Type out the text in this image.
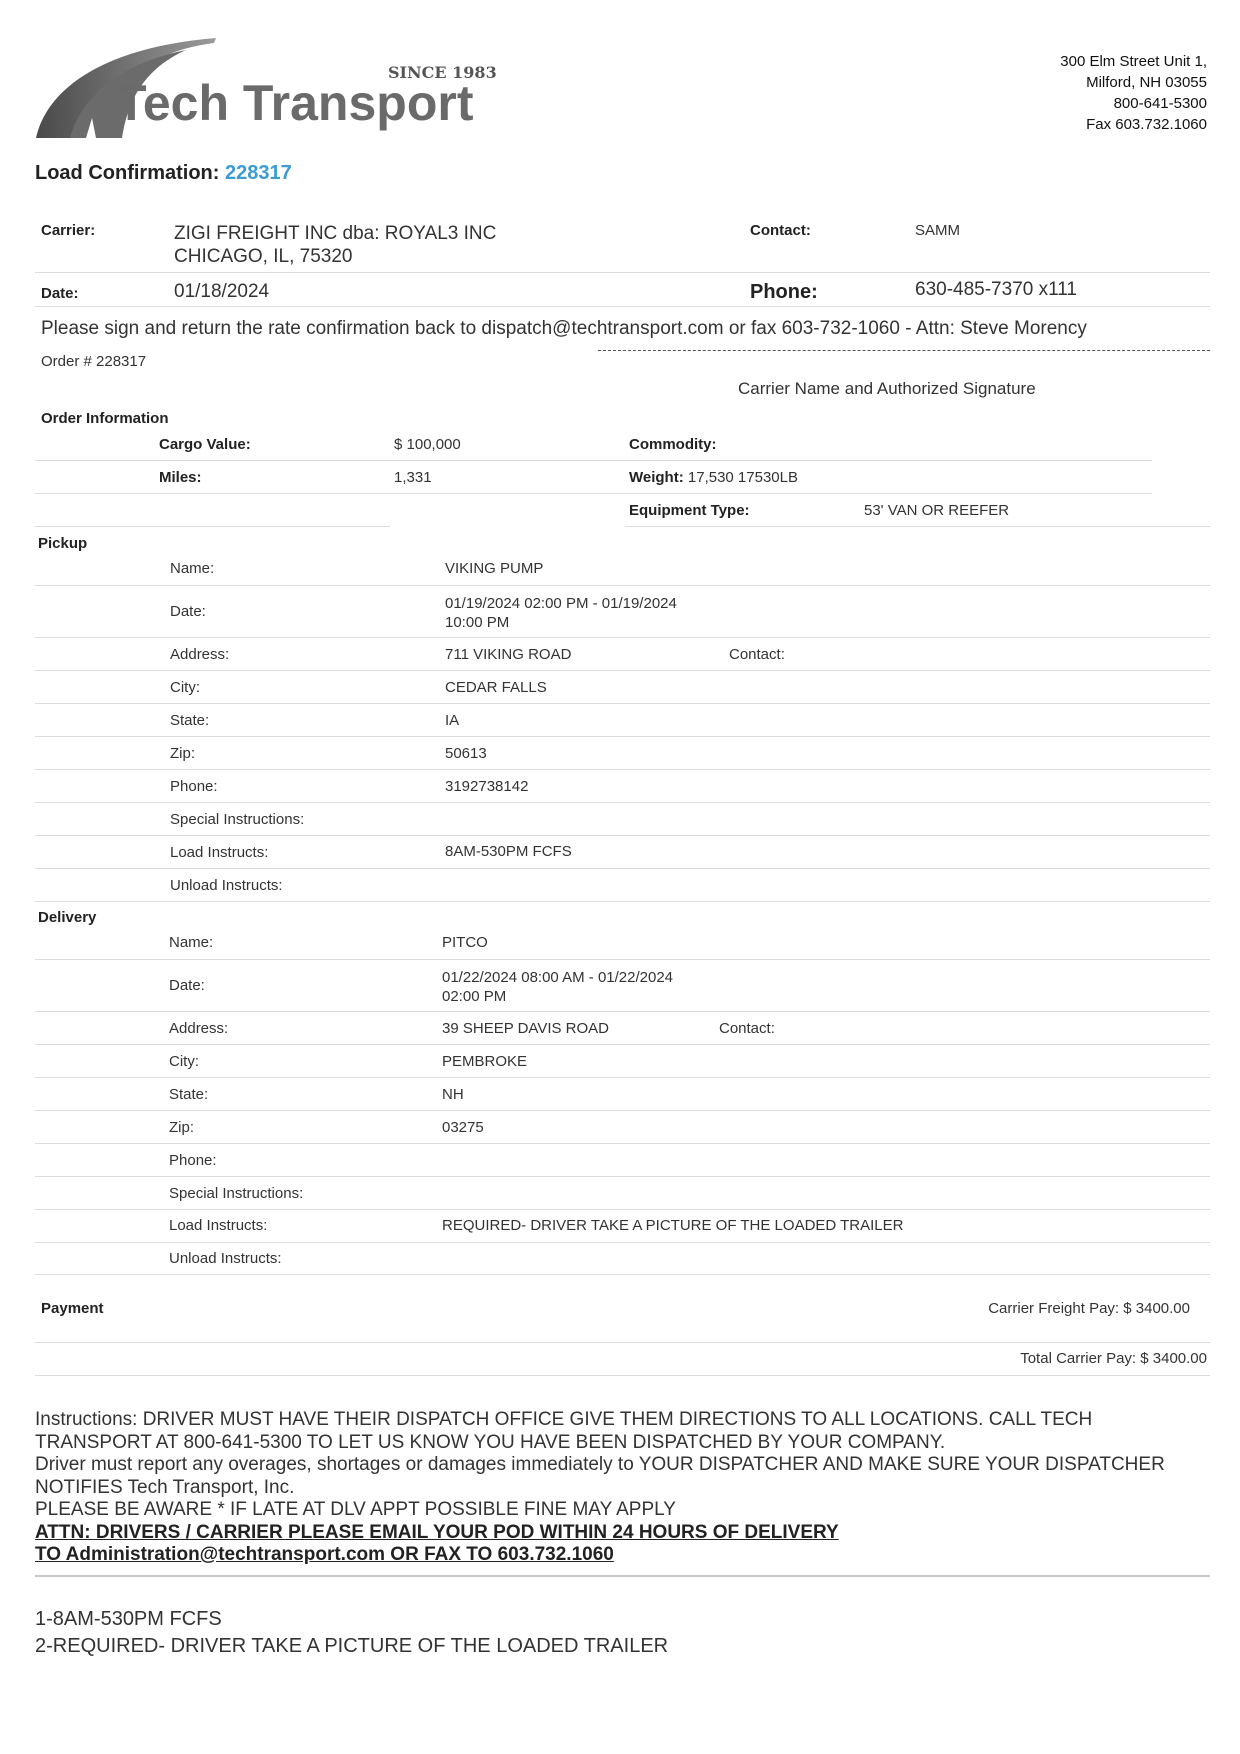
SINCE 1983
Tech Transport
300 Elm Street Unit 1,
Milford, NH 03055
800-641-5300
Fax 603.732.1060
Load Confirmation: 228317
Carrier:	ZIGI FREIGHT INC dba: ROYAL3 INC
CHICAGO, IL, 75320
Contact:	SAMM
Date:	01/18/2024	Phone:	630-485-7370 x111
Please sign and return the rate confirmation back to dispatch@techtransport.com or fax 603-732-1060 - Attn: Steve Morency
Order # 228317
Carrier Name and Authorized Signature
Order Information
Cargo Value:	$ 100,000	Commodity:
Miles:	1,331	Weight: 17,530 17530LB
Equipment Type:	53' VAN OR REEFER
Pickup
Name:	VIKING PUMP
Date:	01/19/2024 02:00 PM - 01/19/2024
10:00 PM
Address:	711 VIKING ROAD	Contact:
City:	CEDAR FALLS
State:	IA
Zip:	50613
Phone:	3192738142
Special Instructions:
Load Instructs:	8AM-530PM FCFS
Unload Instructs:
Delivery
Name:	PITCO
Date:	01/22/2024 08:00 AM - 01/22/2024
02:00 PM
Address:	39 SHEEP DAVIS ROAD	Contact:
City:	PEMBROKE
State:	NH
Zip:	03275
Phone:
Special Instructions:
Load Instructs:	REQUIRED- DRIVER TAKE A PICTURE OF THE LOADED TRAILER
Unload Instructs:
Payment	Carrier Freight Pay: $ 3400.00
Total Carrier Pay: $ 3400.00
Instructions: DRIVER MUST HAVE THEIR DISPATCH OFFICE GIVE THEM DIRECTIONS TO ALL LOCATIONS. CALL TECH
TRANSPORT AT 800-641-5300 TO LET US KNOW YOU HAVE BEEN DISPATCHED BY YOUR COMPANY.
Driver must report any overages, shortages or damages immediately to YOUR DISPATCHER AND MAKE SURE YOUR DISPATCHER
NOTIFIES Tech Transport, Inc.
PLEASE BE AWARE * IF LATE AT DLV APPT POSSIBLE FINE MAY APPLY
ATTN: DRIVERS / CARRIER PLEASE EMAIL YOUR POD WITHIN 24 HOURS OF DELIVERY
TO Administration@techtransport.com OR FAX TO 603.732.1060
1-8AM-530PM FCFS
2-REQUIRED- DRIVER TAKE A PICTURE OF THE LOADED TRAILER
